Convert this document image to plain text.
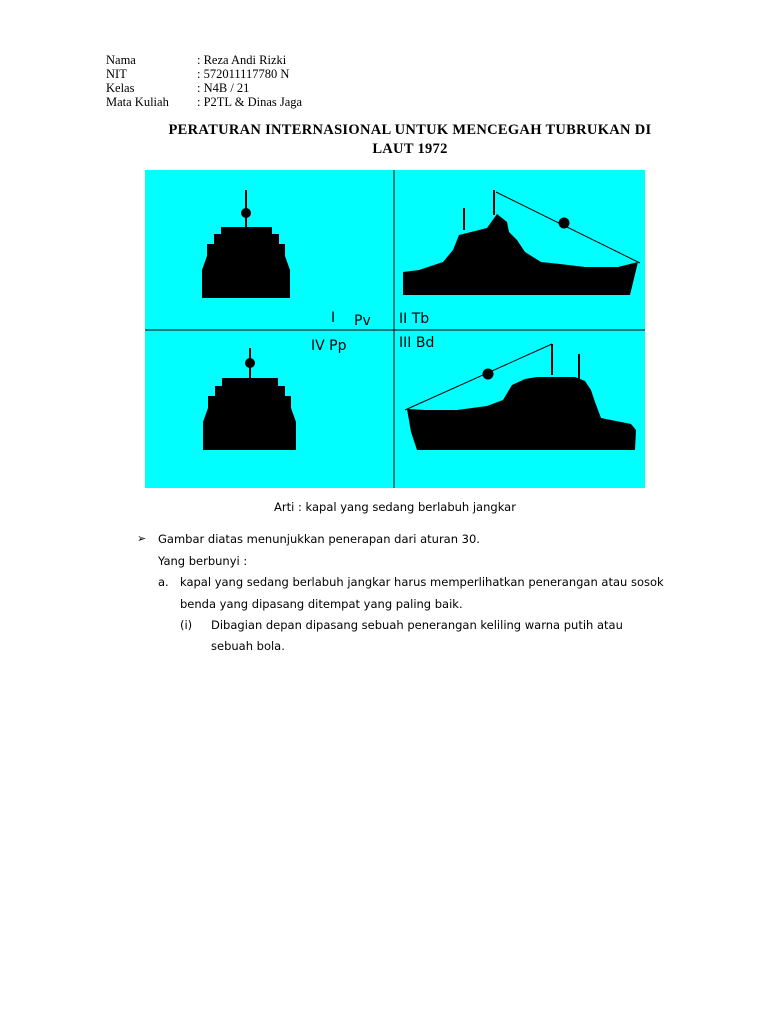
Nama	: Reza Andi Rizki
NIT	: 572011117780 N
Kelas	: N4B / 21
Mata Kuliah	: P2TL & Dinas Jaga
PERATURAN INTERNASIONAL UNTUK MENCEGAH TUBRUKAN DI
LAUT 1972
I Pv II Tb
III Bd
IV Pp
Arti : kapal yang sedang berlabuh jangkar
➢ Gambar diatas menunjukkan penerapan dari aturan 30.
Yang berbunyi :
a. kapal yang sedang berlabuh jangkar harus memperlihatkan penerangan atau sosok
benda yang dipasang ditempat yang paling baik.
(i) Dibagian depan dipasang sebuah penerangan keliling warna putih atau
sebuah bola.
